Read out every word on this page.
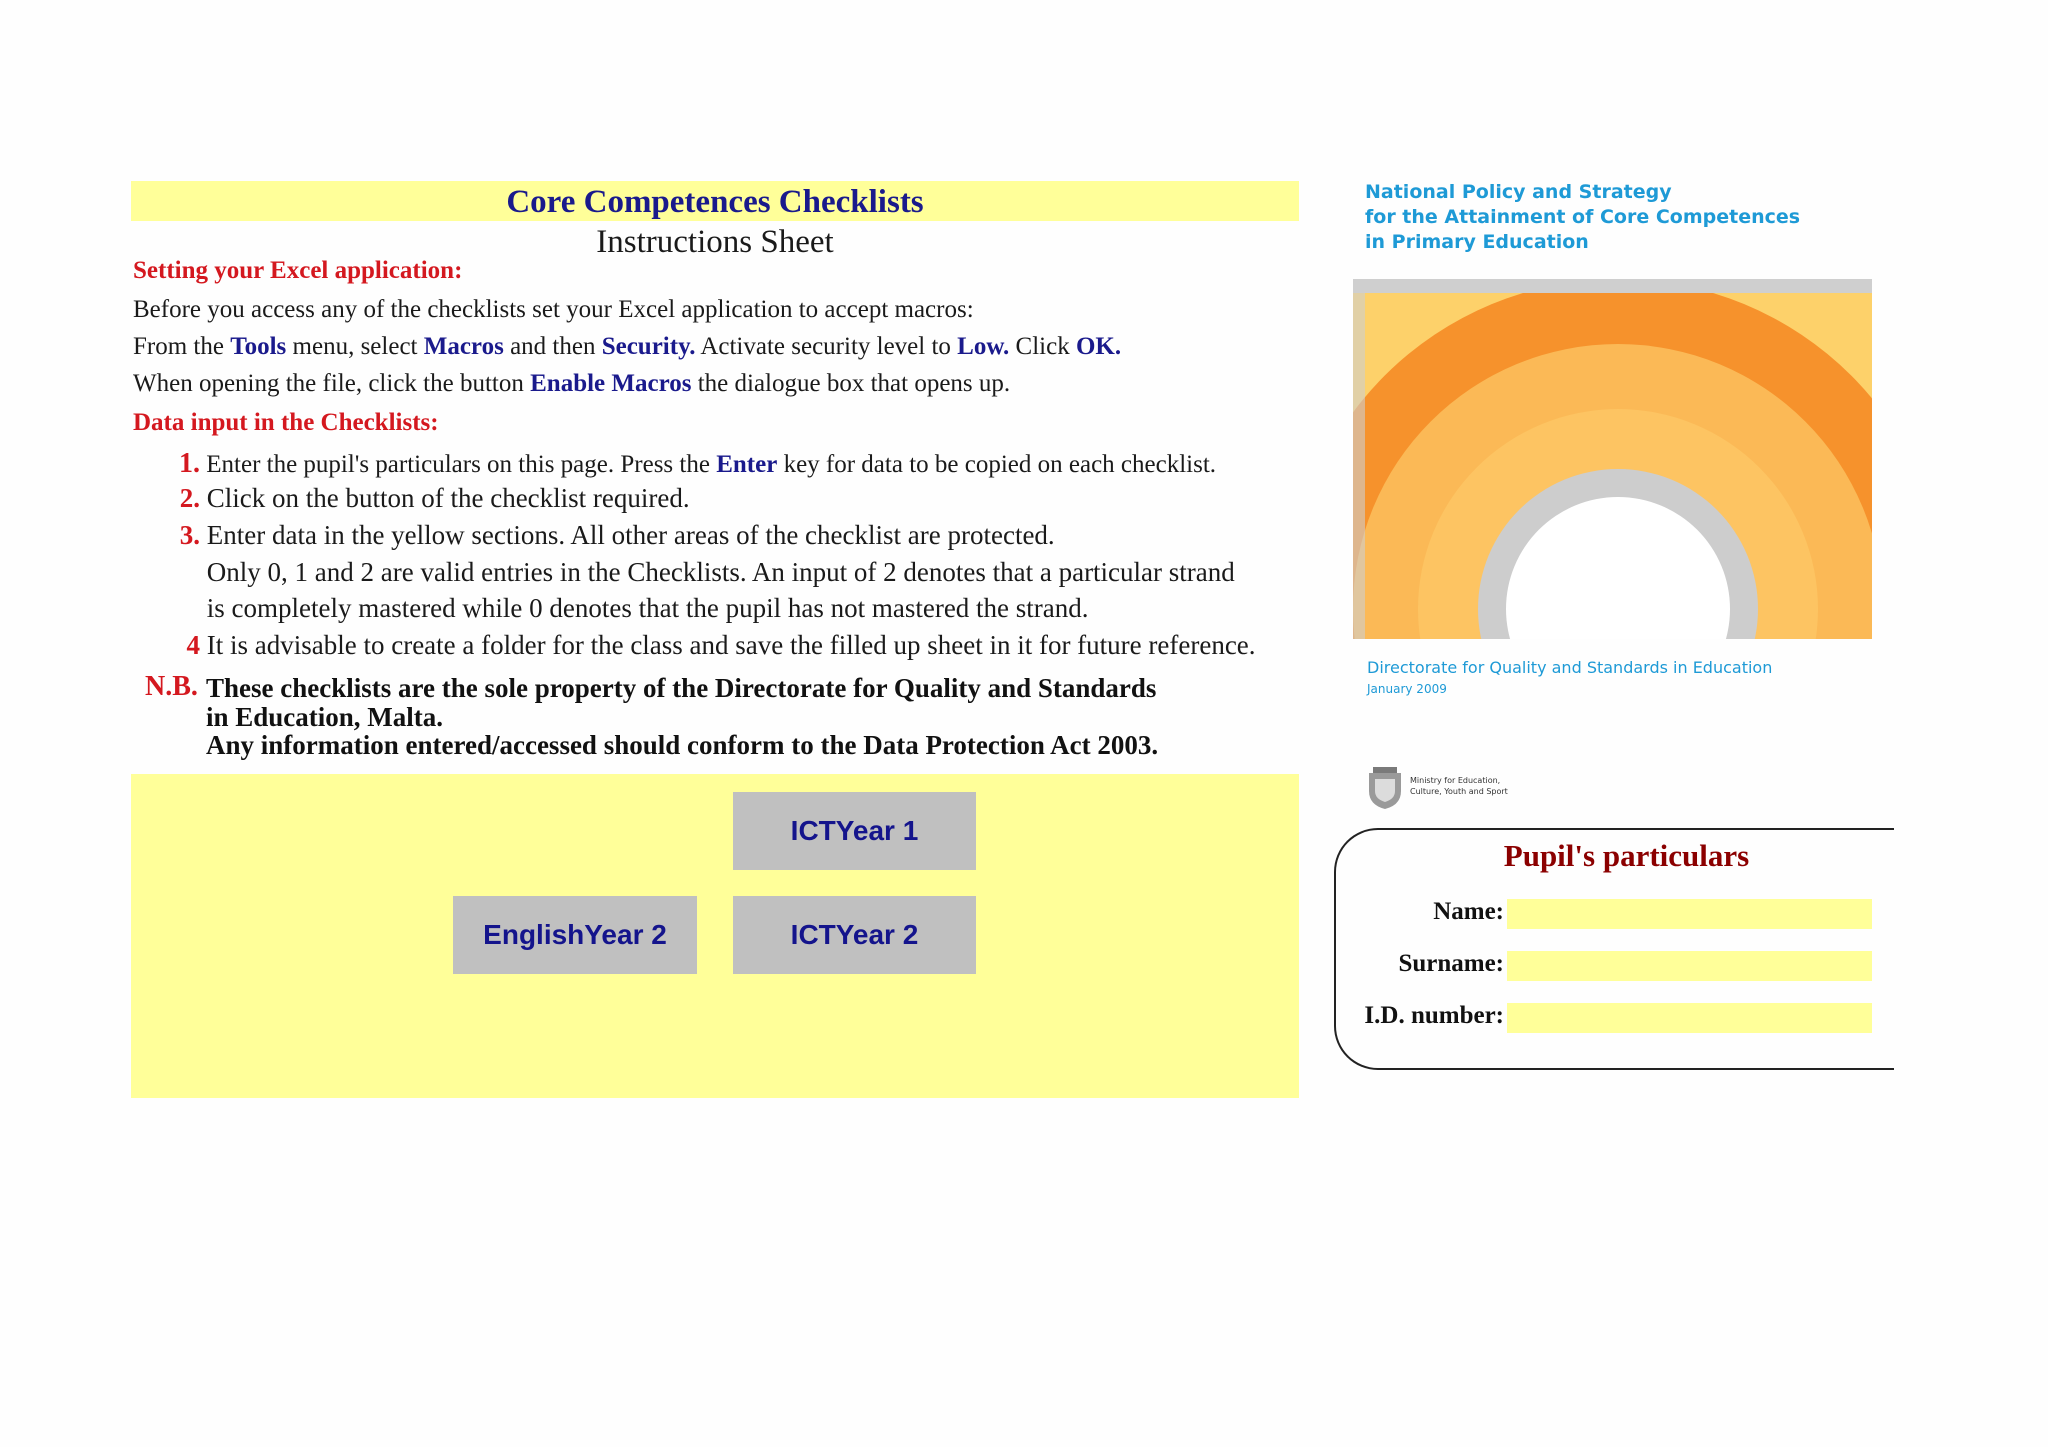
Core Competences Checklists
Instructions Sheet
Setting your Excel application:
Before you access any of the checklists set your Excel application to accept macros:
From the Tools menu, select Macros and then Security. Activate security level to Low. Click OK.
When opening the file, click the button Enable Macros the dialogue box that opens up.
Data input in the Checklists:
1. Enter the pupil's particulars on this page. Press the Enter key for data to be copied on each checklist.
2. Click on the button of the checklist required.
3. Enter data in the yellow sections. All other areas of the checklist are protected.
Only 0, 1 and 2 are valid entries in the Checklists. An input of 2 denotes that a particular strand
is completely mastered while 0 denotes that the pupil has not mastered the strand.
4 It is advisable to create a folder for the class and save the filled up sheet in it for future reference.
N.B. These checklists are the sole property of the Directorate for Quality and Standards
in Education, Malta.
Any information entered/accessed should conform to the Data Protection Act 2003.
ICTYear 1
EnglishYear 2	ICTYear 2
National Policy and Strategy
for the Attainment of Core Competences
in Primary Education
Directorate for Quality and Standards in Education
January 2009
Ministry for Education,
Culture, Youth and Sport
Pupil's particulars
Name:
Surname:
I.D. number:
